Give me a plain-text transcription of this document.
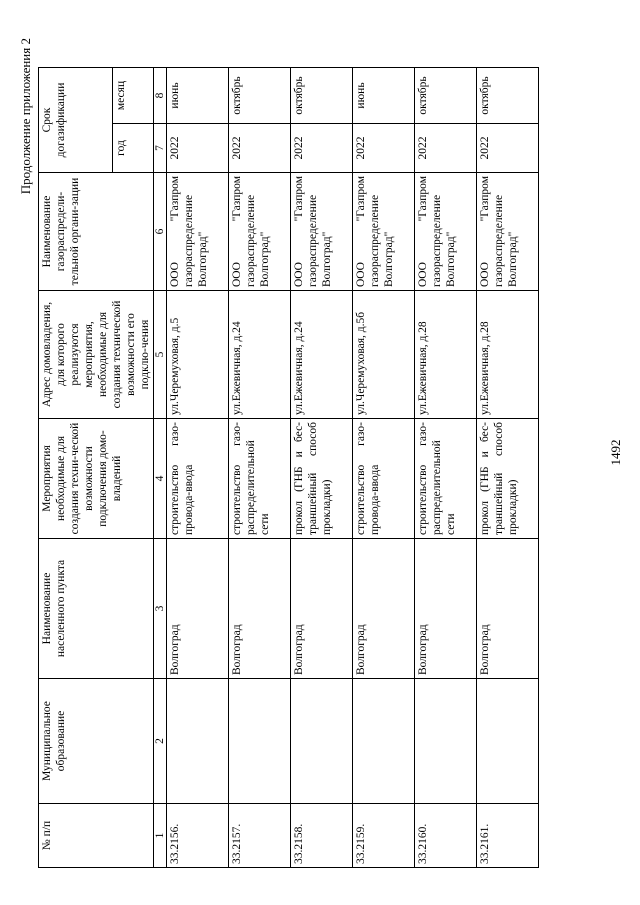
Продолжение приложения 2
№ п/п	Муниципальное образование	Наименование населенного пункта	Мероприятия необходимые для создания техни-ческой возможности подключения домо-владений	Адрес домовладения, для которого реализуются мероприятия, необходимые для создания технической возможности его подклю-чения	Наименование газораспредели-тельной органи-зации	Срок догазификации	
						год	месяц
1	2	3	4	5	6	7	8
33.2156.		Волгоград	строительство газо-провода-ввода	ул.Черемуховая, д.5	ООО "Газпром газораспределение Волгоград"	2022	июнь
33.2157.		Волгоград	строительство газо-распределительной сети	ул.Ежевичная, д.24	ООО "Газпром газораспределение Волгоград"	2022	октябрь
33.2158.		Волгоград	прокол (ГНБ и бес-траншейный способ прокладки)	ул.Ежевичная, д.24	ООО "Газпром газораспределение Волгоград"	2022	октябрь
33.2159.		Волгоград	строительство газо-провода-ввода	ул.Черемуховая, д.5б	ООО "Газпром газораспределение Волгоград"	2022	июнь
33.2160.		Волгоград	строительство газо-распределительной сети	ул.Ежевичная, д.28	ООО "Газпром газораспределение Волгоград"	2022	октябрь
33.2161.		Волгоград	прокол (ГНБ и бес-траншейный способ прокладки)	ул.Ежевичная, д.28	ООО "Газпром газораспределение Волгоград"	2022	октябрь
1492
